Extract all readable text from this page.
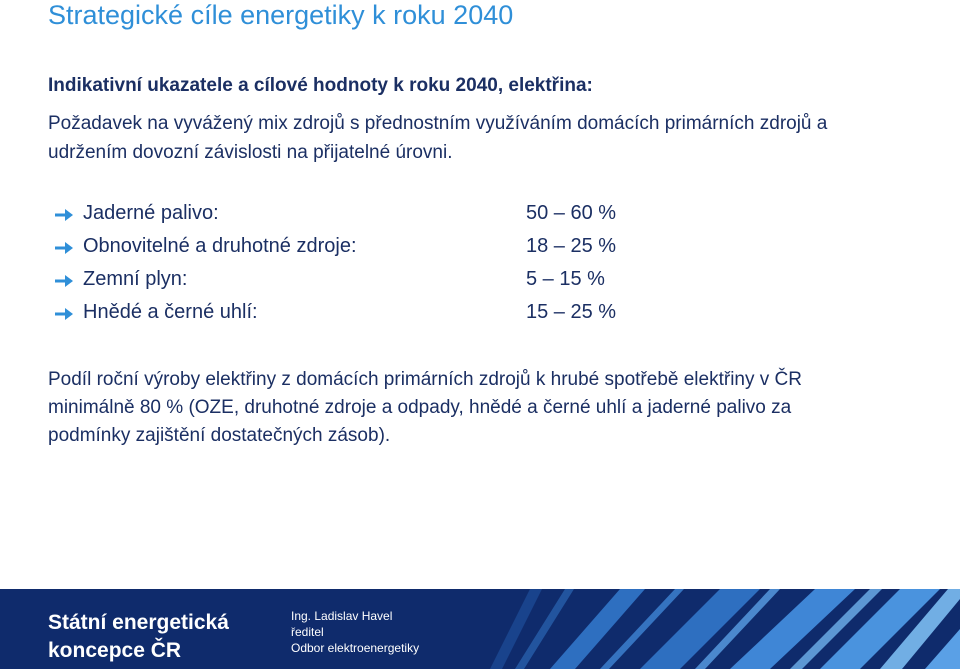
Strategické cíle energetiky k roku 2040
Indikativní ukazatele a cílové hodnoty k roku 2040, elektřina:
Požadavek na vyvážený mix zdrojů s přednostním využíváním domácích primárních zdrojů a
udržením dovozní závislosti na přijatelné úrovni.
Jaderné palivo:	50 – 60 %
Obnovitelné a druhotné zdroje:	18 – 25 %
Zemní plyn:	5 – 15 %
Hnědé a černé uhlí:	15 – 25 %
Podíl roční výroby elektřiny z domácích primárních zdrojů k hrubé spotřebě elektřiny v ČR
minimálně 80 % (OZE, druhotné zdroje a odpady, hnědé a černé uhlí a jaderné palivo za
podmínky zajištění dostatečných zásob).
Státní energetická
koncepce ČR
Ing. Ladislav Havel
ředitel
Odbor elektroenergetiky
